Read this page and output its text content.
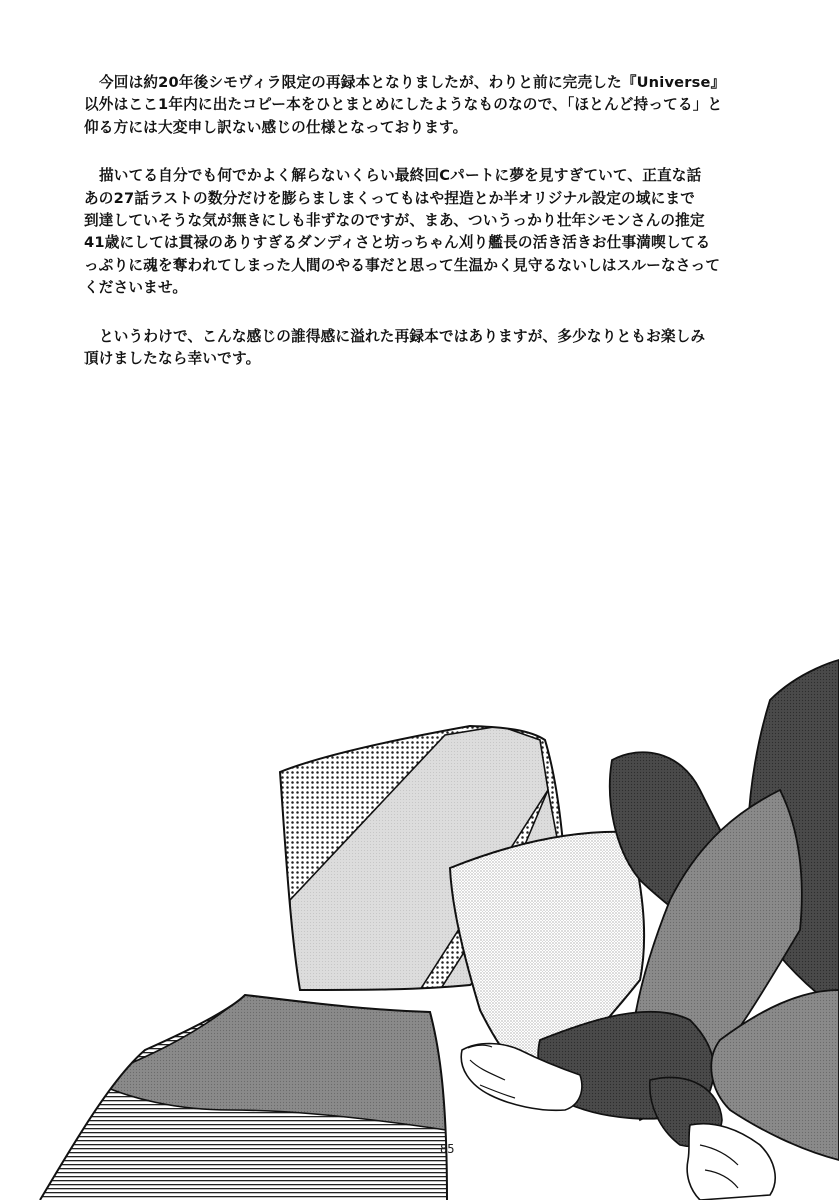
今回は約20年後シモヴィラ限定の再録本となりましたが、わりと前に完売した『Universe』
以外はここ1年内に出たコピー本をひとまとめにしたようなものなので、「ほとんど持ってる」と
仰る方には大変申し訳ない感じの仕様となっております。

描いてる自分でも何でかよく解らないくらい最終回Cパートに夢を見すぎていて、正直な話
あの27話ラストの数分だけを膨らましまくってもはや捏造とか半オリジナル設定の域にまで
到達していそうな気が無きにしも非ずなのですが、まあ、ついうっかり壮年シモンさんの推定
41歳にしては貫禄のありすぎるダンディさと坊っちゃん刈り艦長の活き活きお仕事満喫してる
っぷりに魂を奪われてしまった人間のやる事だと思って生温かく見守るないしはスルーなさって
くださいませ。

というわけで、こんな感じの誰得感に溢れた再録本ではありますが、多少なりともお楽しみ
頂けましたなら幸いです。

85
